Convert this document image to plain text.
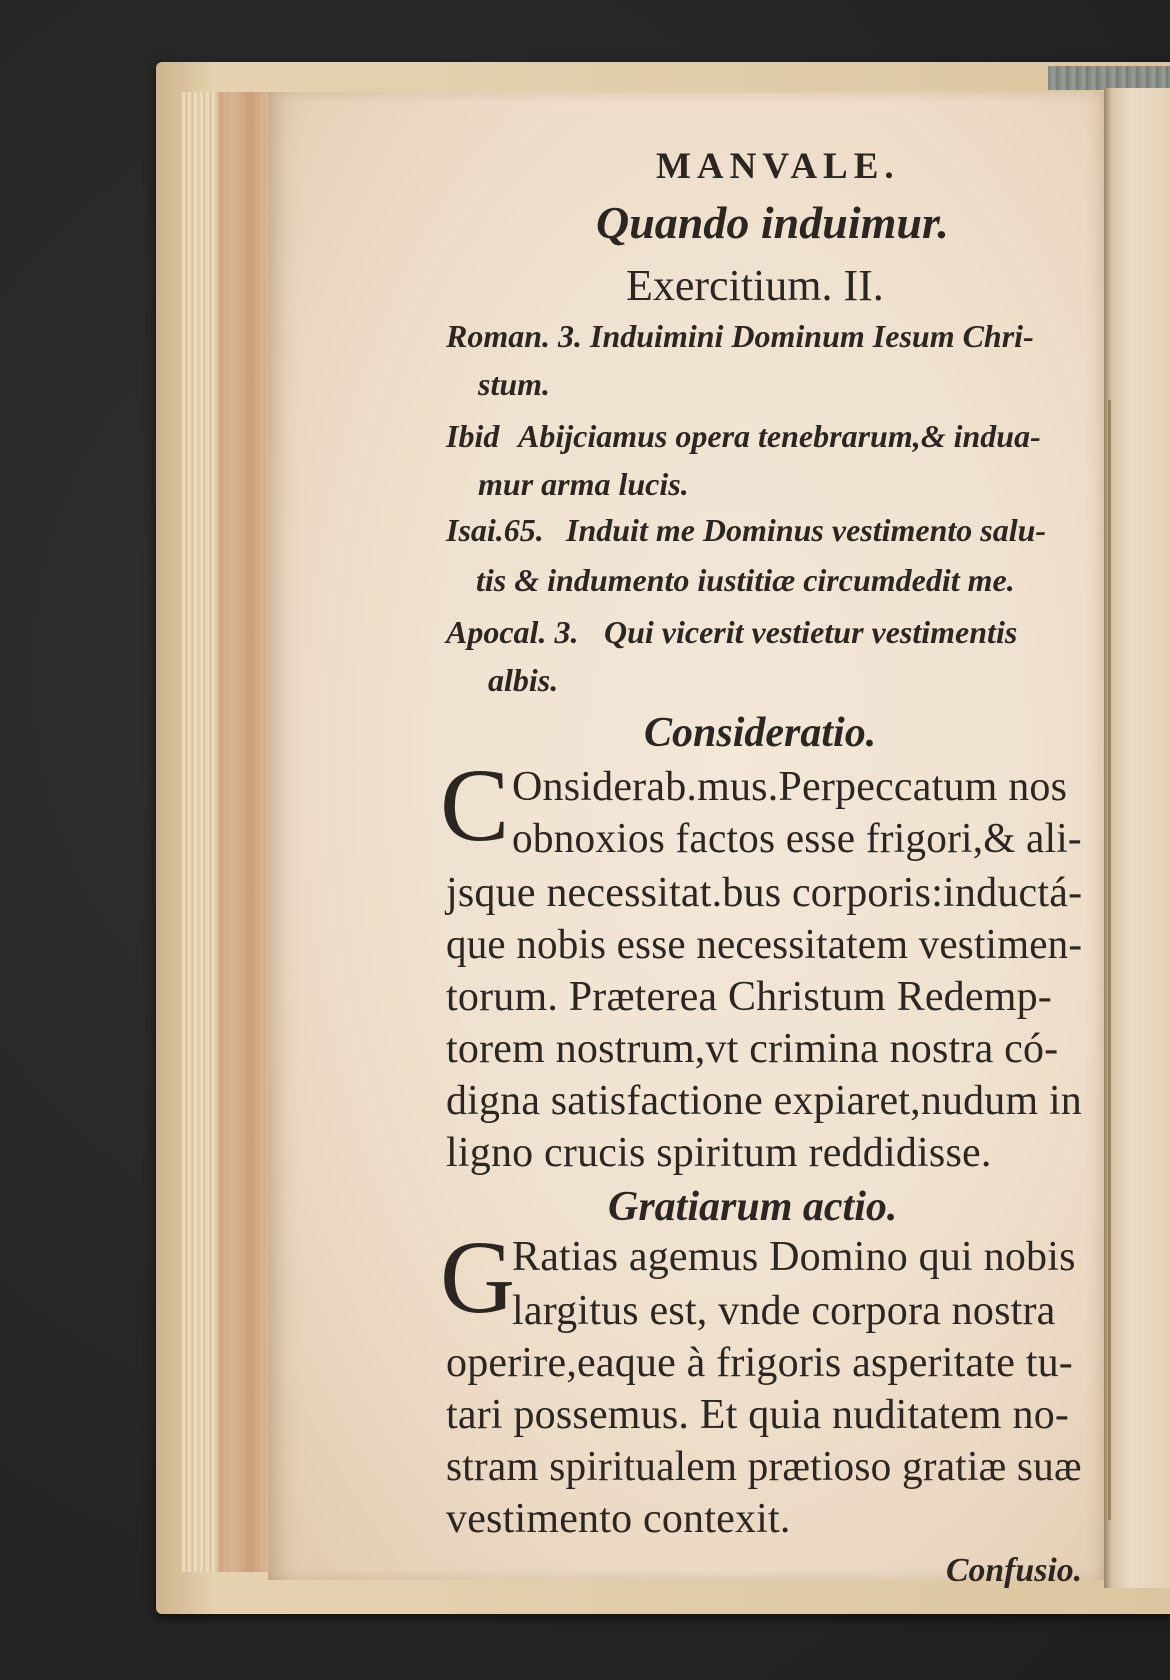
MANVALE.
Quando induimur.
Exercitium. II.
Roman. 3. Induimini Dominum Iesum Chri-
stum.
Ibid Abijciamus opera tenebrarum,& indua-
mur arma lucis.
Isai.65. Induit me Dominus vestimento salu-
tis & indumento iustitiæ circumdedit me.
Apocal. 3. Qui vicerit vestietur vestimentis
albis.
Consideratio.
C Onsiderab.mus.Perpeccatum nos
obnoxios factos esse frigori,& ali-
jsque necessitat.bus corporis:inductá-
que nobis esse necessitatem vestimen-
torum. Præterea Christum Redemp-
torem nostrum,vt crimina nostra có-
digna satisfactione expiaret,nudum in
ligno crucis spiritum reddidisse.
Gratiarum actio.
G
Ratias agemus Domino qui nobis
largitus est, vnde corpora nostra
operire,eaque à frigoris asperitate tu-
tari possemus. Et quia nuditatem no-
stram spiritualem prætioso gratiæ suæ
vestimento contexit.
Confusio.
